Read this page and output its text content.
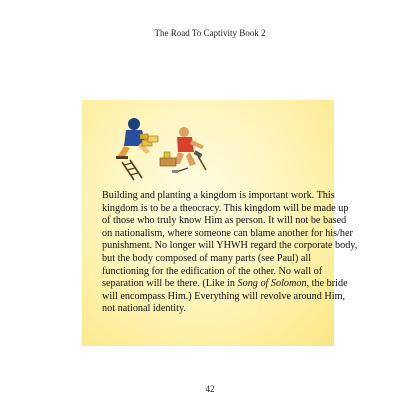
The Road To Captivity Book 2
Building and planting a kingdom is important work. This
kingdom is to be a theocracy. This kingdom will be made up
of those who truly know Him as person. It will not be based
on nationalism, where someone can blame another for his/her
punishment. No longer will YHWH regard the corporate body,
but the body composed of many parts (see Paul) all
functioning for the edification of the other. No wall of
separation will be there. (Like in Song of Solomon, the bride
will encompass Him.) Everything will revolve around Him,
not national identity.
42
